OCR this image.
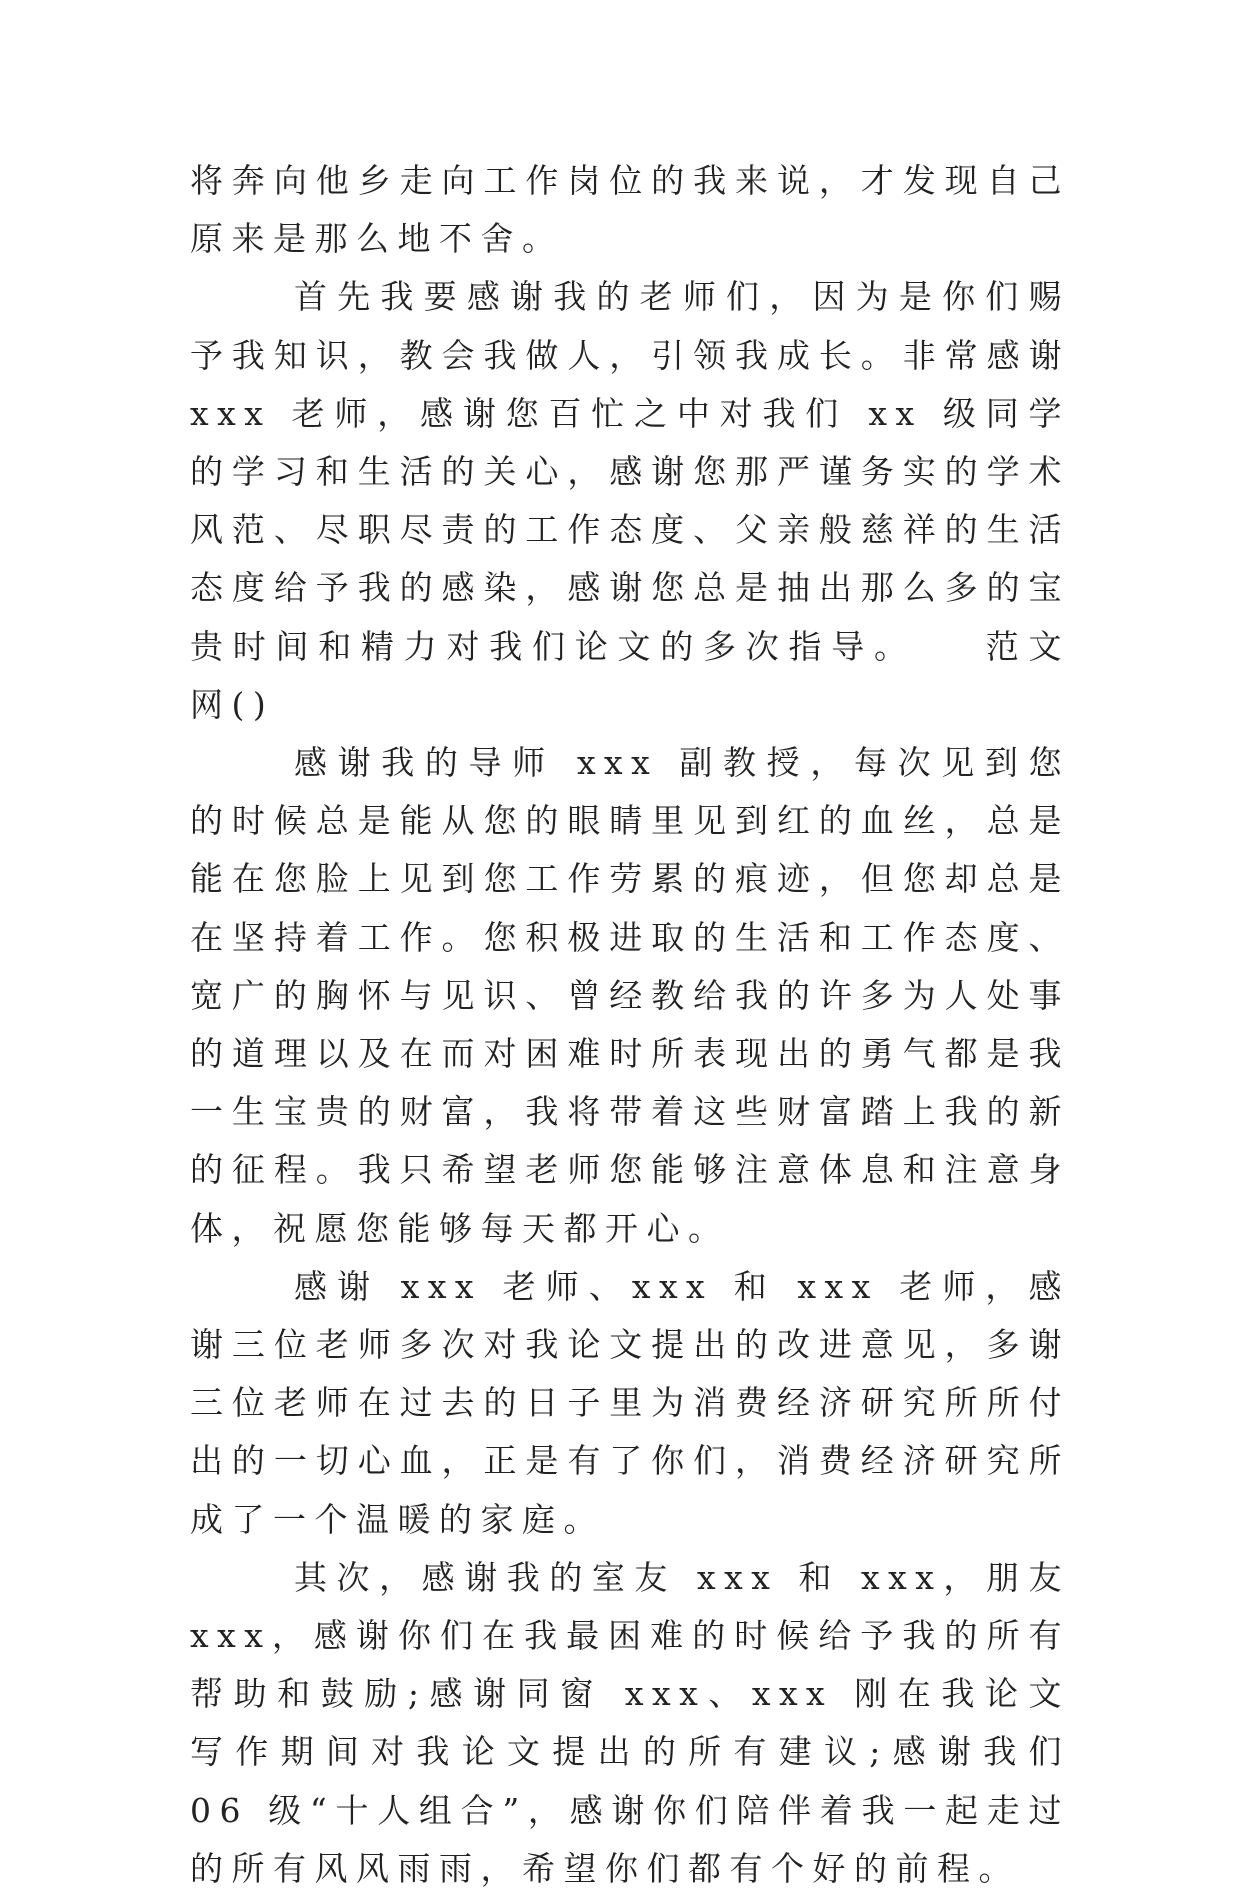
将奔向他乡走向工作岗位的我来说，才发现自己原来是那么地不舍。

首先我要感谢我的老师们，因为是你们赐予我知识，教会我做人，引领我成长。非常感谢 xxx 老师，感谢您百忙之中对我们 xx 级同学的学习和生活的关心，感谢您那严谨务实的学术风范、尽职尽责的工作态度、父亲般慈祥的生活态度给予我的感染，感谢您总是抽出那么多的宝贵时间和精力对我们论文的多次指导。　　范文网()

感谢我的导师 xxx 副教授，每次见到您的时候总是能从您的眼睛里见到红的血丝，总是能在您脸上见到您工作劳累的痕迹，但您却总是在坚持着工作。您积极进取的生活和工作态度、宽广的胸怀与见识、曾经教给我的许多为人处事的道理以及在而对困难时所表现出的勇气都是我一生宝贵的财富，我将带着这些财富踏上我的新的征程。我只希望老师您能够注意体息和注意身体，祝愿您能够每天都开心。

感谢 xxx 老师、xxx 和 xxx 老师，感谢三位老师多次对我论文提出的改进意见，多谢三位老师在过去的日子里为消费经济研究所所付出的一切心血，正是有了你们，消费经济研究所成了一个温暖的家庭。

其次，感谢我的室友 xxx 和 xxx，朋友 xxx，感谢你们在我最困难的时候给予我的所有帮助和鼓励;感谢同窗 xxx、xxx 刚在我论文写作期间对我论文提出的所有建议;感谢我们 06 级“十人组合”，感谢你们陪伴着我一起走过的所有风风雨雨，希望你们都有个好的前程。
